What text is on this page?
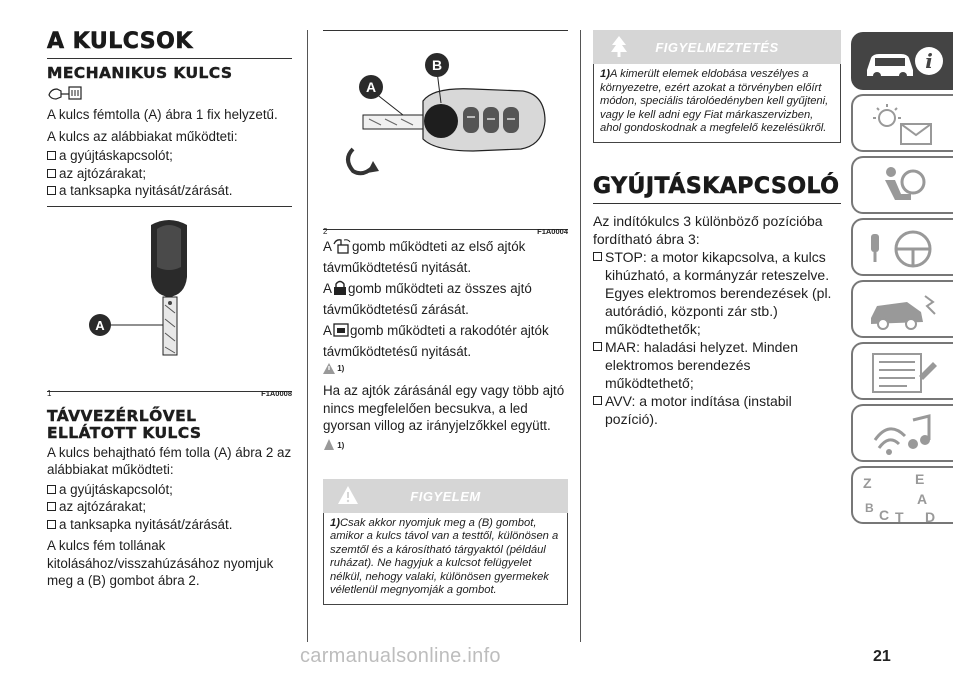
A KULCSOK
MECHANIKUS KULCS

A kulcs fémtolla (A) ábra 1 fix helyzetű.

A kulcs az alábbiakat működteti:

a gyújtáskapcsolót;
az ajtózárakat;
a tanksapka nyitását/zárását.
A
1	F1A0008
TÁVVEZÉRLŐVEL
ELLÁTOTT KULCS

A kulcs behajtható fém tolla (A) ábra 2 az alábbiakat működteti:

a gyújtáskapcsolót;
az ajtózárakat;
a tanksapka nyitását/zárását.

A kulcs fém tollának kitolásához/visszahúzásához nyomjuk meg a (B) gombot ábra 2.

A
B
2	F1A0004

A gomb működteti az első ajtók távműködtetésű nyitását.

A gomb működteti az összes ajtó távműködtetésű zárását.

A gomb működteti a rakodótér ajtók távműködtetésű nyitását.

1)

Ha az ajtók zárásánál egy vagy több ajtó nincs megfelelően becsukva, a led gyorsan villog az irányjelzőkkel együtt.

1)
FIGYELEM

1)Csak akkor nyomjuk meg a (B) gombot, amikor a kulcs távol van a testtől, különösen a szemtől és a károsítható tárgyaktól (például ruházat). Ne hagyjuk a kulcsot felügyelet nélkül, nehogy valaki, különösen gyermekek véletlenül megnyomják a gombot.

FIGYELMEZTETÉS

1)A kimerült elemek eldobása veszélyes a környezetre, ezért azokat a törvényben előírt módon, speciális tárolóedényben kell gyűjteni, vagy le kell adni egy Fiat márkaszervizben, ahol gondoskodnak a megfelelő kezelésükről.

GYÚJTÁSKAPCSOLÓ

Az indítókulcs 3 különböző pozícióba fordítható ábra 3:

STOP: a motor kikapcsolva, a kulcs kihúzható, a kormányzár reteszelve. Egyes elektromos berendezések (pl. autórádió, központi zár stb.) működtethetők;
MAR: haladási helyzet. Minden elektromos berendezés működtethető;
AVV: a motor indítása (instabil pozíció).
i
Z	E
B
A
C T D
21
carmanualsonline.info
